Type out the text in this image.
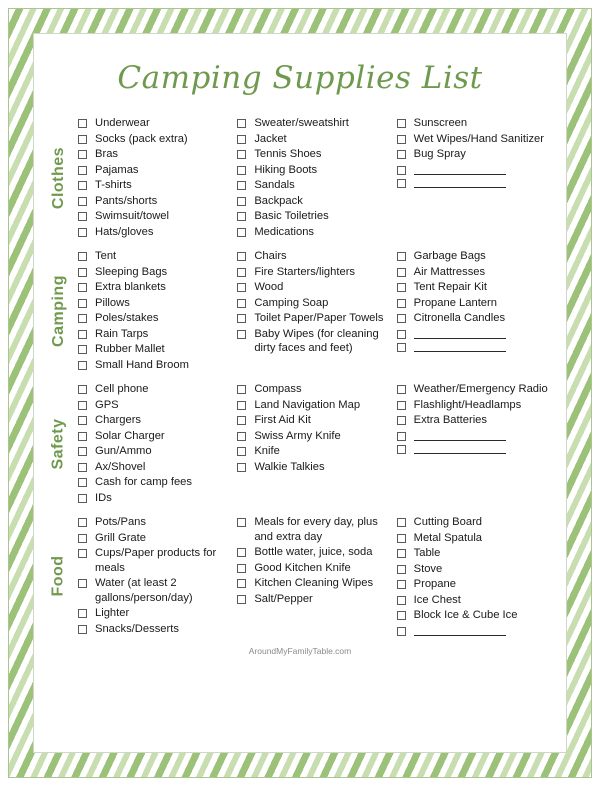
Camping Supplies List
Clothes
Underwear
Socks (pack extra)
Bras
Pajamas
T-shirts
Pants/shorts
Swimsuit/towel
Hats/gloves
Sweater/sweatshirt
Jacket
Tennis Shoes
Hiking Boots
Sandals
Backpack
Basic Toiletries
Medications
Sunscreen
Wet Wipes/Hand Sanitizer
Bug Spray
Camping
Tent
Sleeping Bags
Extra blankets
Pillows
Poles/stakes
Rain Tarps
Rubber Mallet
Small Hand Broom
Chairs
Fire Starters/lighters
Wood
Camping Soap
Toilet Paper/Paper Towels
Baby Wipes (for cleaning dirty faces and feet)
Garbage Bags
Air Mattresses
Tent Repair Kit
Propane Lantern
Citronella Candles
Safety
Cell phone
GPS
Chargers
Solar Charger
Gun/Ammo
Ax/Shovel
Cash for camp fees
IDs
Compass
Land Navigation Map
First Aid Kit
Swiss Army Knife
Knife
Walkie Talkies
Weather/Emergency Radio
Flashlight/Headlamps
Extra Batteries
Food
Pots/Pans
Grill Grate
Cups/Paper products for meals
Water (at least 2 gallons/person/day)
Lighter
Snacks/Desserts
Meals for every day, plus and extra day
Bottle water, juice, soda
Good Kitchen Knife
Kitchen Cleaning Wipes
Salt/Pepper
Cutting Board
Metal Spatula
Table
Stove
Propane
Ice Chest
Block Ice & Cube Ice
AroundMyFamilyTable.com
